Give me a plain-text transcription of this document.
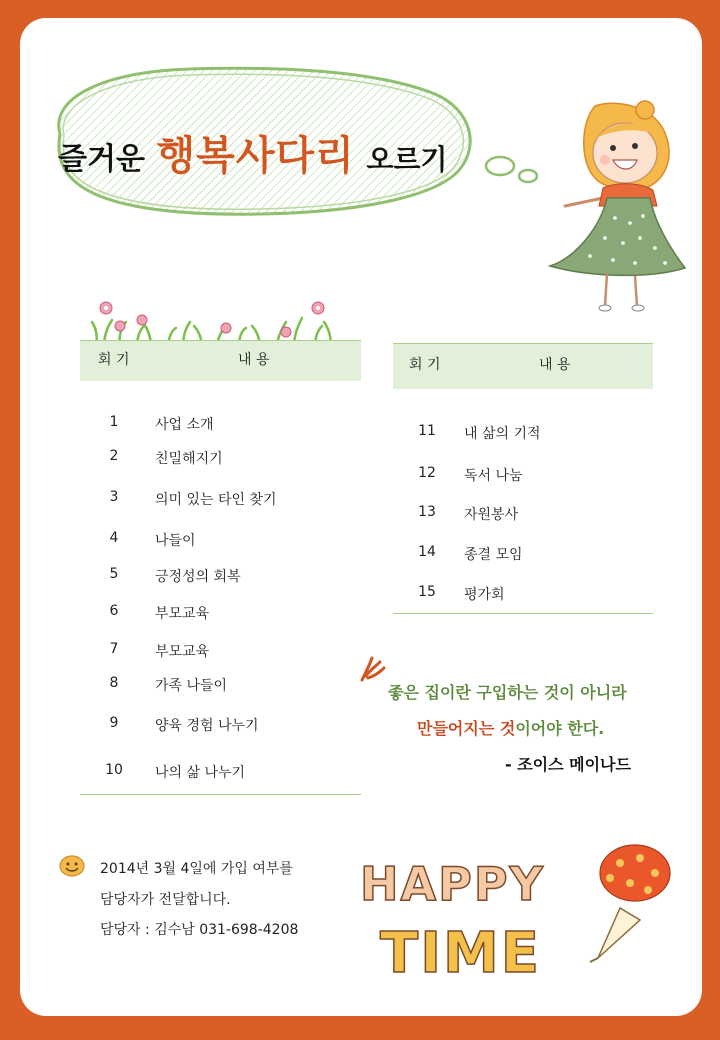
즐거운 행복사다리 오르기
회 기	내 용
1	사업 소개
2	친밀해지기
3	의미 있는 타인 찾기
4	나들이
5	긍정성의 회복
6	부모교육
7	부모교육
8	가족 나들이
9	양육 경험 나누기
10	나의 삶 나누기
회 기	내 용
11	내 삶의 기적
12	독서 나눔
13	자원봉사
14	종결 모임
15	평가회
좋은 집이란 구입하는 것이 아니라
만들어지는 것이어야 한다.
- 조이스 메이나드
2014년 3월 4일에 가입 여부를
담당자가 전달합니다.
담당자 : 김수남 031-698-4208
HAPPY
TIME
